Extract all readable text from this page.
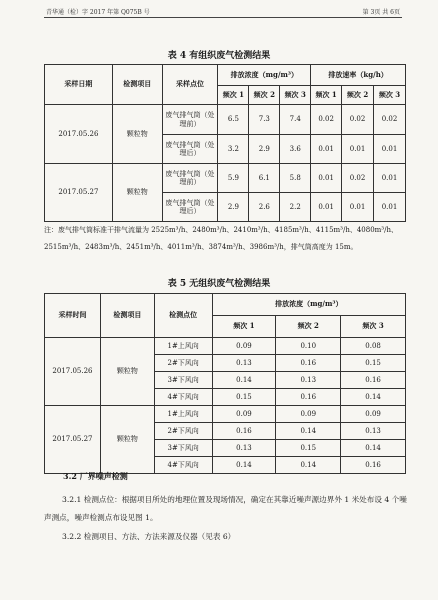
青华通（检）字 2017 年第 Q075B 号	第 3页 共 6页
表 4 有组织废气检测结果
采样日期	检测项目	采样点位	排放浓度（mg/m³）			排放速率（kg/h）		
			频次 1	频次 2	频次 3	频次 1	频次 2	频次 3
2017.05.26	颗粒物	废气排气筒（处理前）	6.5	7.3	7.4	0.02	0.02	0.02
		废气排气筒（处理后）	3.2	2.9	3.6	0.01	0.01	0.01
2017.05.27	颗粒物	废气排气筒（处理前）	5.9	6.1	5.8	0.01	0.02	0.01
		废气排气筒（处理后）	2.9	2.6	2.2	0.01	0.01	0.01
注：废气排气筒标准干排气流量为 2525m³/h、2480m³/h、2410m³/h、4185m³/h、4115m³/h、4080m³/h、2515m³/h、2483m³/h、2451m³/h、4011m³/h、3874m³/h、3986m³/h，排气筒高度为 15m。
表 5 无组织废气检测结果
采样时间	检测项目	检测点位	排放浓度（mg/m³）		
			频次 1	频次 2	频次 3
2017.05.26	颗粒物	1#上风向	0.09	0.10	0.08
		2#下风向	0.13	0.16	0.15
		3#下风向	0.14	0.13	0.16
		4#下风向	0.15	0.16	0.14
2017.05.27	颗粒物	1#上风向	0.09	0.09	0.09
		2#下风向	0.16	0.14	0.13
		3#下风向	0.13	0.15	0.14
		4#下风向	0.14	0.14	0.16
3.2 厂界噪声检测
3.2.1 检测点位：根据项目所处的地理位置及现场情况，确定在其靠近噪声源边界外 1 米处布设 4 个噪声测点，噪声检测点布设见图 1。
3.2.2 检测项目、方法、方法来源及仪器（见表 6）
